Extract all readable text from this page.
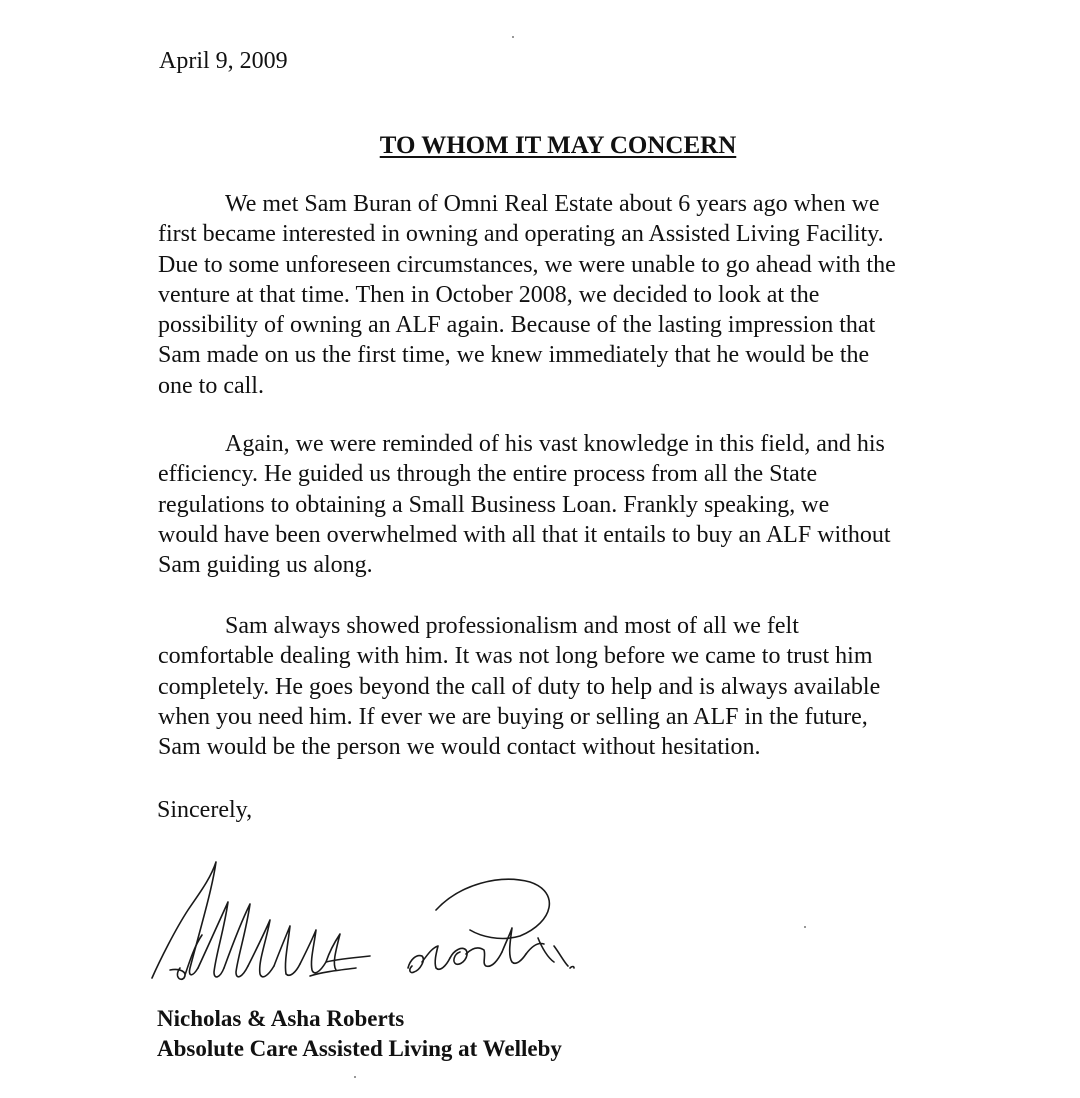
April 9, 2009
TO WHOM IT MAY CONCERN
We met Sam Buran of Omni Real Estate about 6 years ago when we
first became interested in owning and operating an Assisted Living Facility.
Due to some unforeseen circumstances, we were unable to go ahead with the
venture at that time. Then in October 2008, we decided to look at the
possibility of owning an ALF again. Because of the lasting impression that
Sam made on us the first time, we knew immediately that he would be the
one to call.
Again, we were reminded of his vast knowledge in this field, and his
efficiency. He guided us through the entire process from all the State
regulations to obtaining a Small Business Loan. Frankly speaking, we
would have been overwhelmed with all that it entails to buy an ALF without
Sam guiding us along.
Sam always showed professionalism and most of all we felt
comfortable dealing with him. It was not long before we came to trust him
completely. He goes beyond the call of duty to help and is always available
when you need him. If ever we are buying or selling an ALF in the future,
Sam would be the person we would contact without hesitation.
Sincerely,
Nicholas & Asha Roberts
Absolute Care Assisted Living at Welleby
